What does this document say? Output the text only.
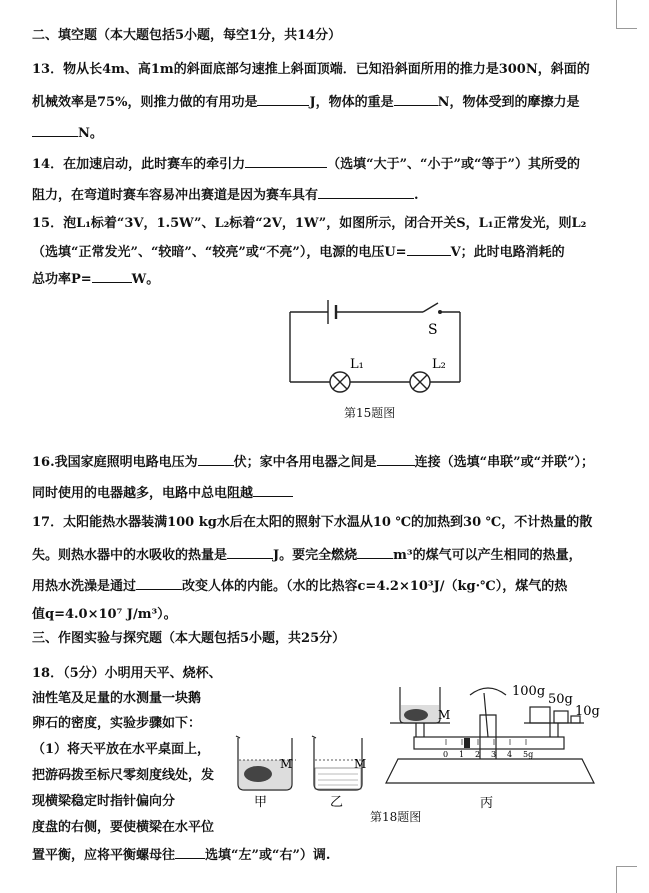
二、填空题（本大题包括5小题，每空1分，共14分）
13．物从长4m、高1m的斜面底部匀速推上斜面顶端．已知沿斜面所用的推力是300N，斜面的
机械效率是75%，则推力做的有用功是	J，物体的重是	N，物体受到的摩擦力是
N。
14．在加速启动，此时赛车的牵引力	（选填“大于”、“小于”或“等于”）其所受的
阻力，在弯道时赛车容易冲出赛道是因为赛车具有	.
15．泡L₁标着“3V，1.5W”、L₂标着“2V，1W”，如图所示，闭合开关S，L₁正常发光，则L₂
（选填“正常发光”、“较暗”、“较亮”或“不亮”），电源的电压U=	V；此时电路消耗的
总功率P=	W。
S
L₁	L₂
第15题图
16.我国家庭照明电路电压为	伏；家中各用电器之间是	连接（选填“串联”或“并联”）；
同时使用的电器越多，电路中总电阻越
17．太阳能热水器装满100 kg水后在太阳的照射下水温从10 ℃的加热到30 ℃，不计热量的散
失。则热水器中的水吸收的热量是	J。要完全燃烧	m³的煤气可以产生相同的热量，
用热水洗澡是通过	改变人体的内能。（水的比热容c=4.2×10³J/（kg·℃），煤气的热
值q=4.0×10⁷ J/m³）。
三、作图实验与探究题（本大题包括5小题，共25分）
18．（5分）小明用天平、烧杯、
油性笔及足量的水测量一块鹅
卵石的密度，实验步骤如下：
（1）将天平放在水平桌面上，
把游码拨至标尺零刻度线处，发
现横梁稳定时指针偏向分
度盘的右侧，要使横梁在水平位
置平衡，应将平衡螺母往 选填“左”或“右”）调.
M	M
甲	乙
0 1 2 3 4 5g
M
100g
50g
10g
丙
第18题图
